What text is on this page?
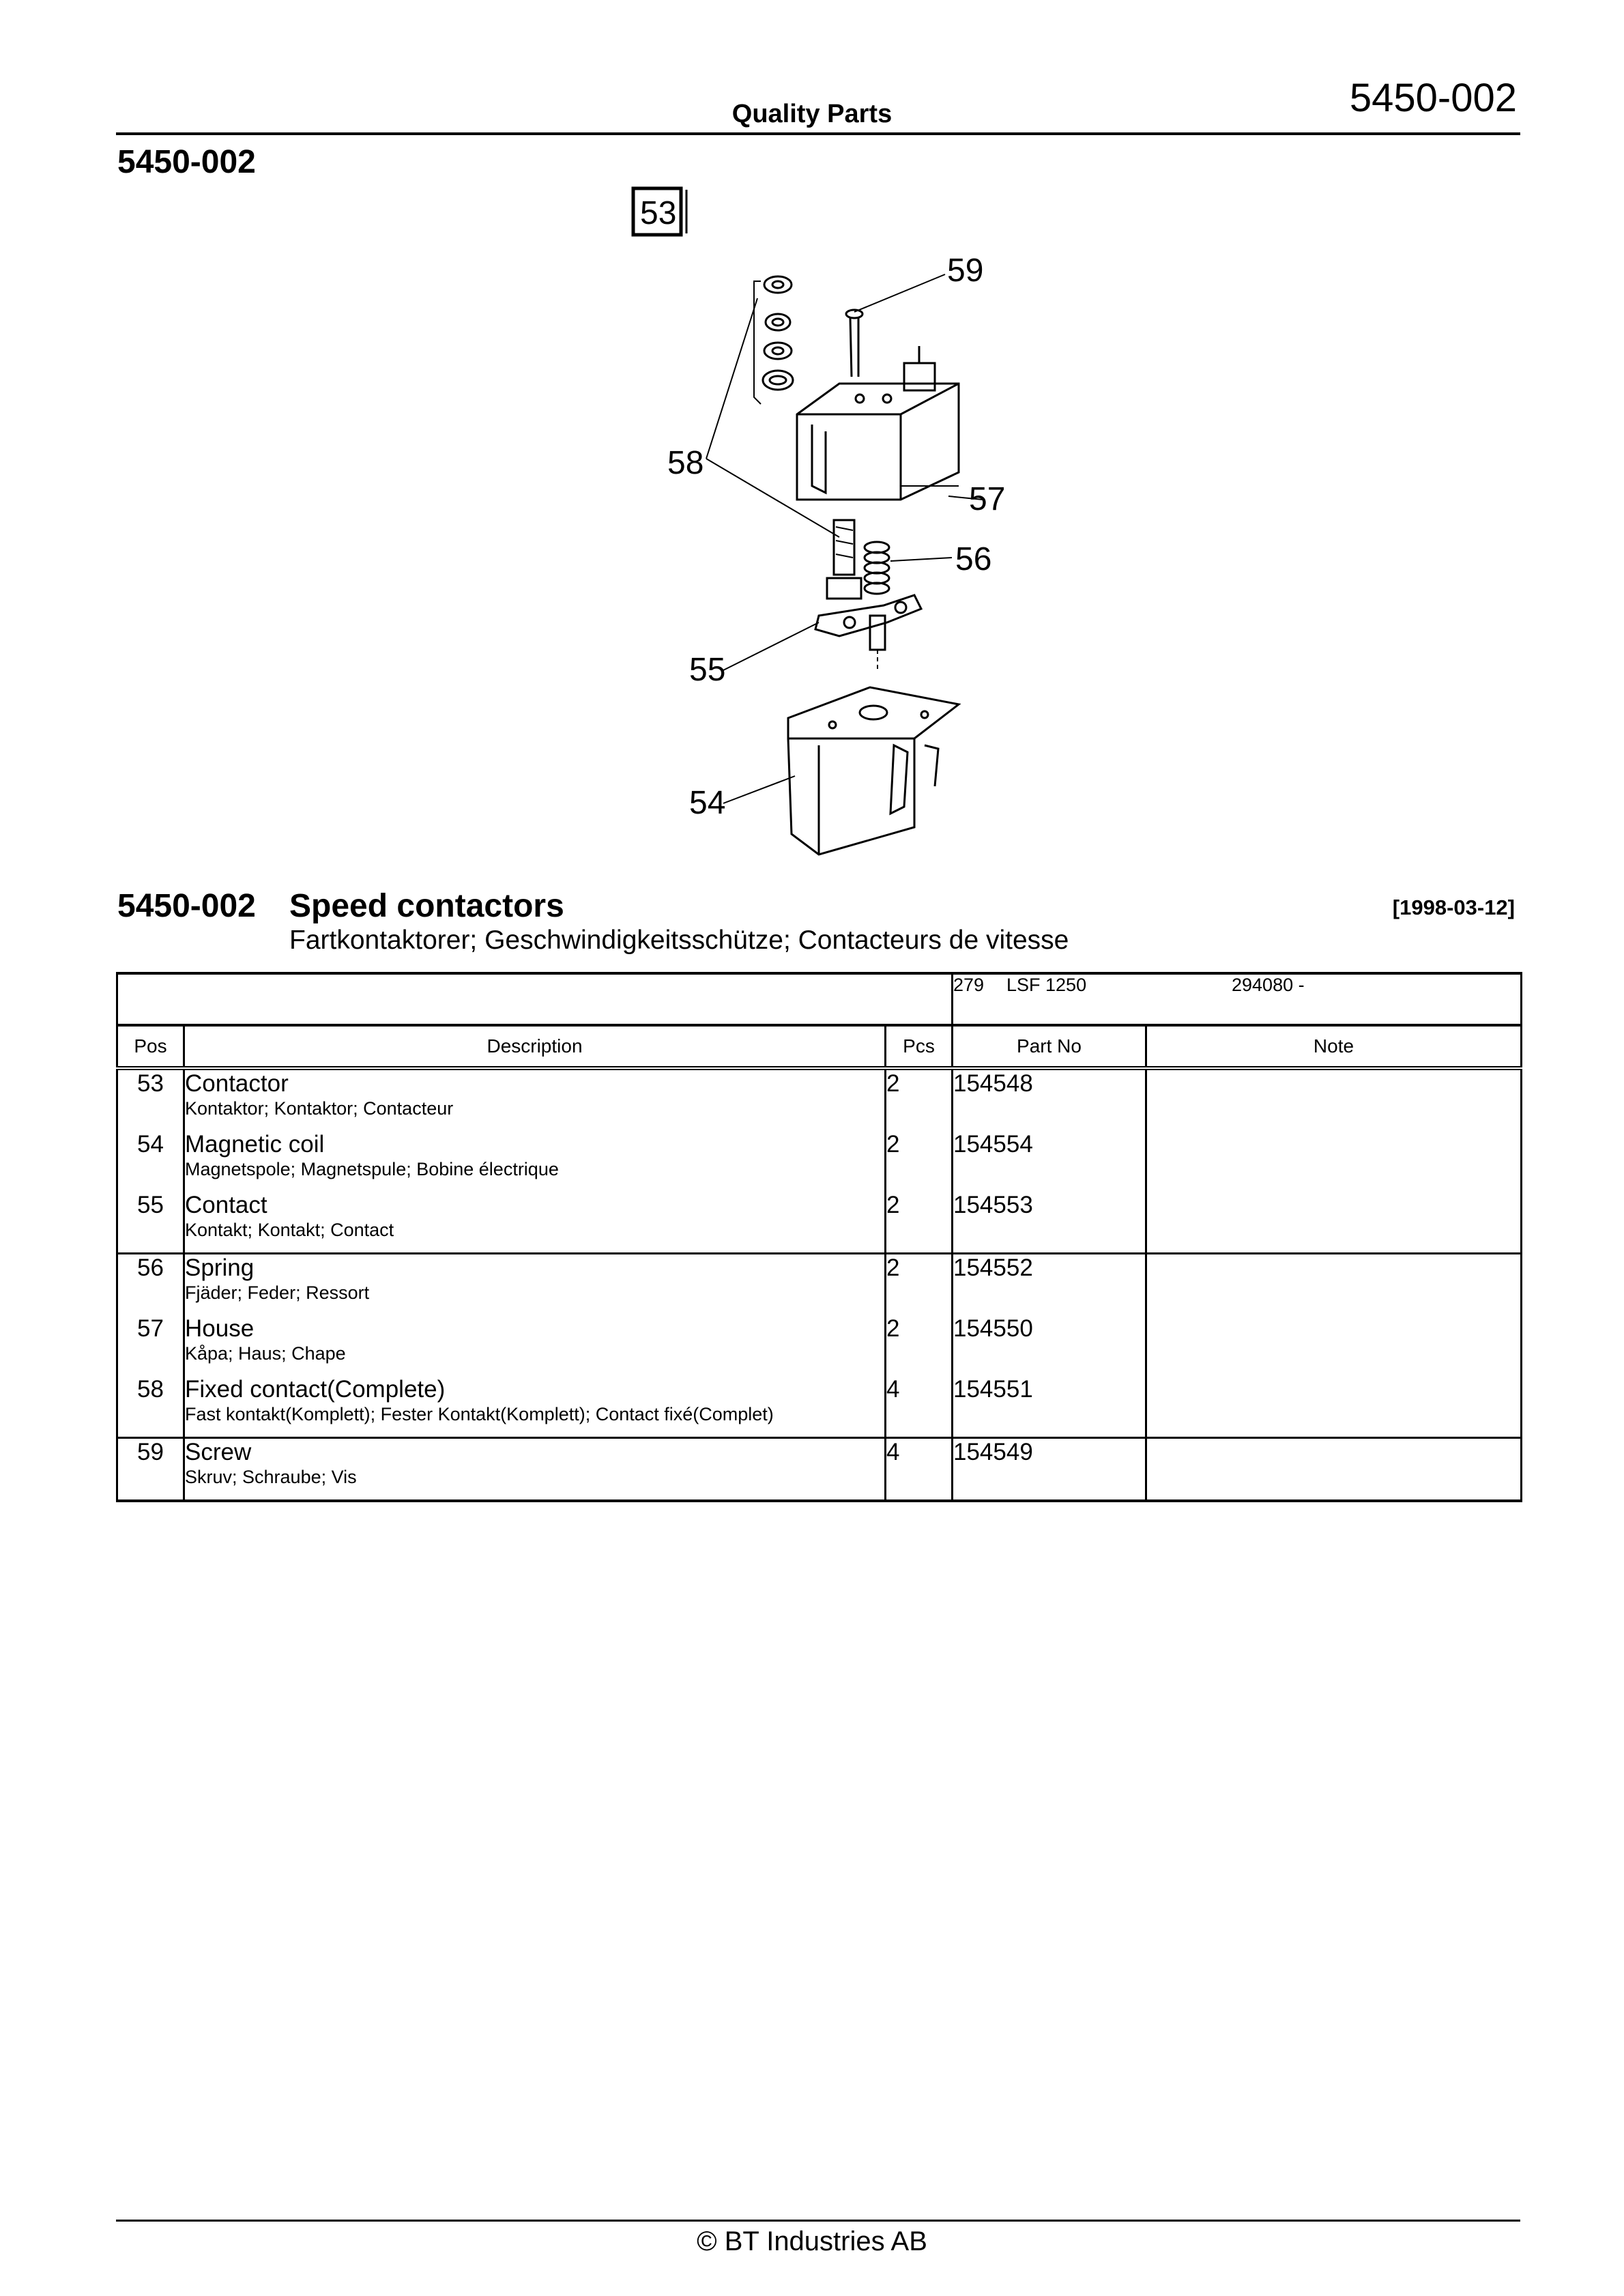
Quality Parts	5450-002
5450-002
53
59
57
58
56
55
54
5450-002 Speed contactors	[1998-03-12]
Fartkontaktorer; Geschwindigkeitsschütze; Contacteurs de vitesse
			279 LSF 1250 294080 -	
Pos	Description	Pcs	Part No	Note
53	Contactor
Kontaktor; Kontaktor; Contacteur	2	154548	
54	Magnetic coil
Magnetspole; Magnetspule; Bobine électrique	2	154554	
55	Contact
Kontakt; Kontakt; Contact	2	154553	
56	Spring
Fjäder; Feder; Ressort	2	154552	
57	House
Kåpa; Haus; Chape	2	154550	
58	Fixed contact(Complete)
Fast kontakt(Komplett); Fester Kontakt(Komplett); Contact fixé(Complet)	4	154551	
59	Screw
Skruv; Schraube; Vis	4	154549	
© BT Industries AB
